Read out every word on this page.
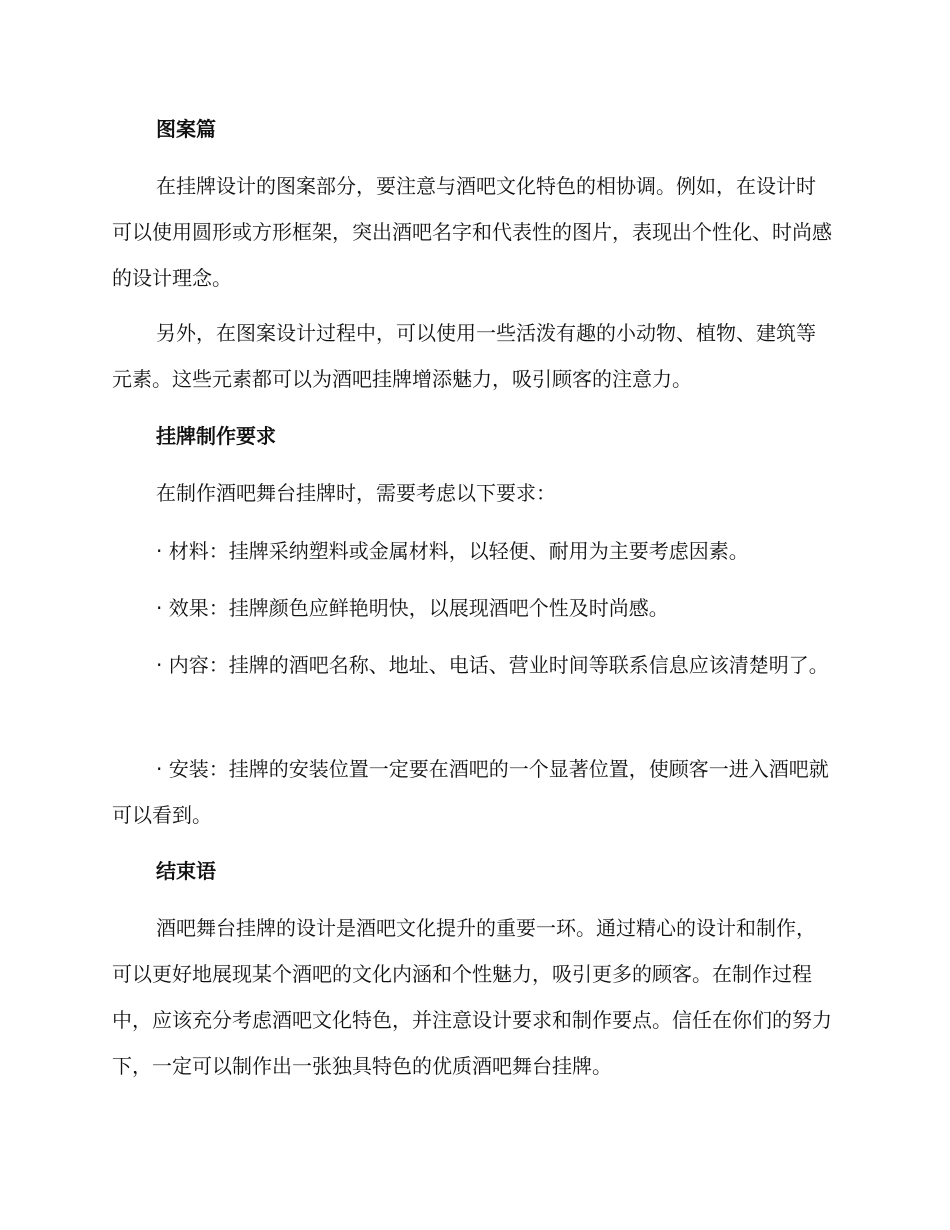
图案篇

在挂牌设计的图案部分，要注意与酒吧文化特色的相协调。例如，在设计时可以使用圆形或方形框架，突出酒吧名字和代表性的图片，表现出个性化、时尚感的设计理念。

另外，在图案设计过程中，可以使用一些活泼有趣的小动物、植物、建筑等元素。这些元素都可以为酒吧挂牌增添魅力，吸引顾客的注意力。

挂牌制作要求

在制作酒吧舞台挂牌时，需要考虑以下要求：

· 材料：挂牌采纳塑料或金属材料，以轻便、耐用为主要考虑因素。

· 效果：挂牌颜色应鲜艳明快，以展现酒吧个性及时尚感。

· 内容：挂牌的酒吧名称、地址、电话、营业时间等联系信息应该清楚明了。

· 安装：挂牌的安装位置一定要在酒吧的一个显著位置，使顾客一进入酒吧就可以看到。

结束语

酒吧舞台挂牌的设计是酒吧文化提升的重要一环。通过精心的设计和制作，可以更好地展现某个酒吧的文化内涵和个性魅力，吸引更多的顾客。在制作过程中，应该充分考虑酒吧文化特色，并注意设计要求和制作要点。信任在你们的努力下，一定可以制作出一张独具特色的优质酒吧舞台挂牌。
